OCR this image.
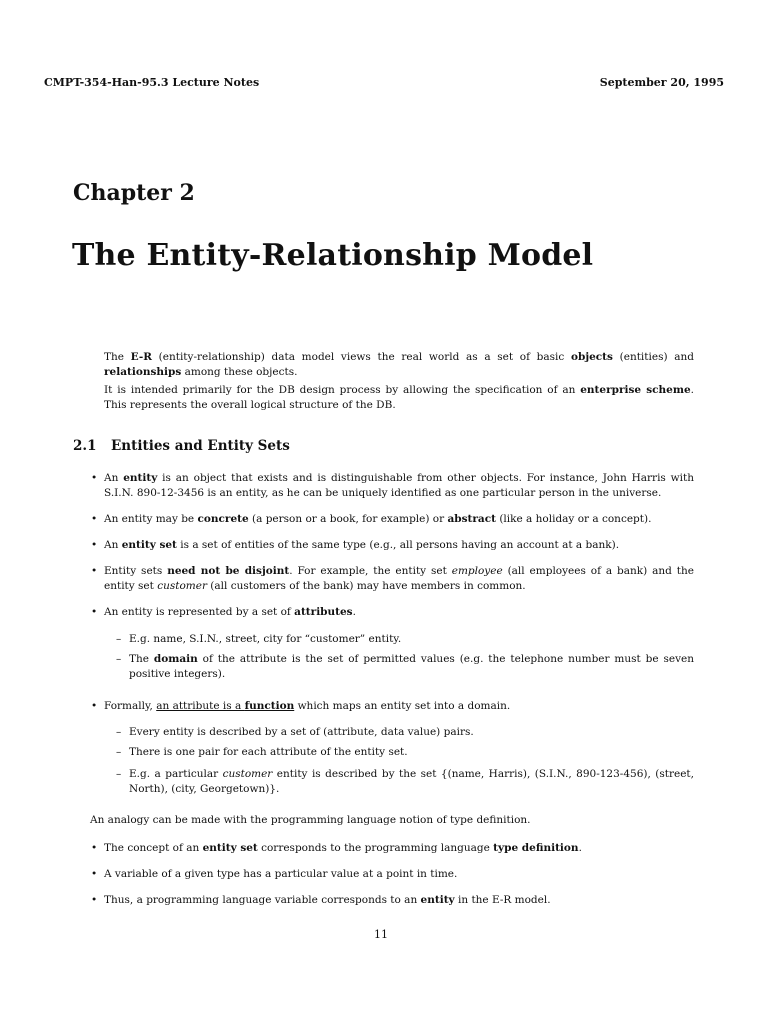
CMPT-354-Han-95.3 Lecture Notes	September 20, 1995
Chapter 2
The Entity-Relationship Model

The E-R (entity-relationship) data model views the real world as a set of basic objects (entities) and relationships among these objects.

It is intended primarily for the DB design process by allowing the specification of an enterprise scheme. This represents the overall logical structure of the DB.

2.1 Entities and Entity Sets
• An entity is an object that exists and is distinguishable from other objects. For instance, John Harris with S.I.N. 890-12-3456 is an entity, as he can be uniquely identified as one particular person in the universe.
• An entity may be concrete (a person or a book, for example) or abstract (like a holiday or a concept).
• An entity set is a set of entities of the same type (e.g., all persons having an account at a bank).
• Entity sets need not be disjoint. For example, the entity set employee (all employees of a bank) and the entity set customer (all customers of the bank) may have members in common.
• An entity is represented by a set of attributes.
– E.g. name, S.I.N., street, city for “customer” entity.
– The domain of the attribute is the set of permitted values (e.g. the telephone number must be seven positive integers).
• Formally, an attribute is a function which maps an entity set into a domain.
– Every entity is described by a set of (attribute, data value) pairs.
– There is one pair for each attribute of the entity set.
– E.g. a particular customer entity is described by the set {(name, Harris), (S.I.N., 890-123-456), (street, North), (city, Georgetown)}.
An analogy can be made with the programming language notion of type definition.
• The concept of an entity set corresponds to the programming language type definition.
• A variable of a given type has a particular value at a point in time.
• Thus, a programming language variable corresponds to an entity in the E-R model.
11
